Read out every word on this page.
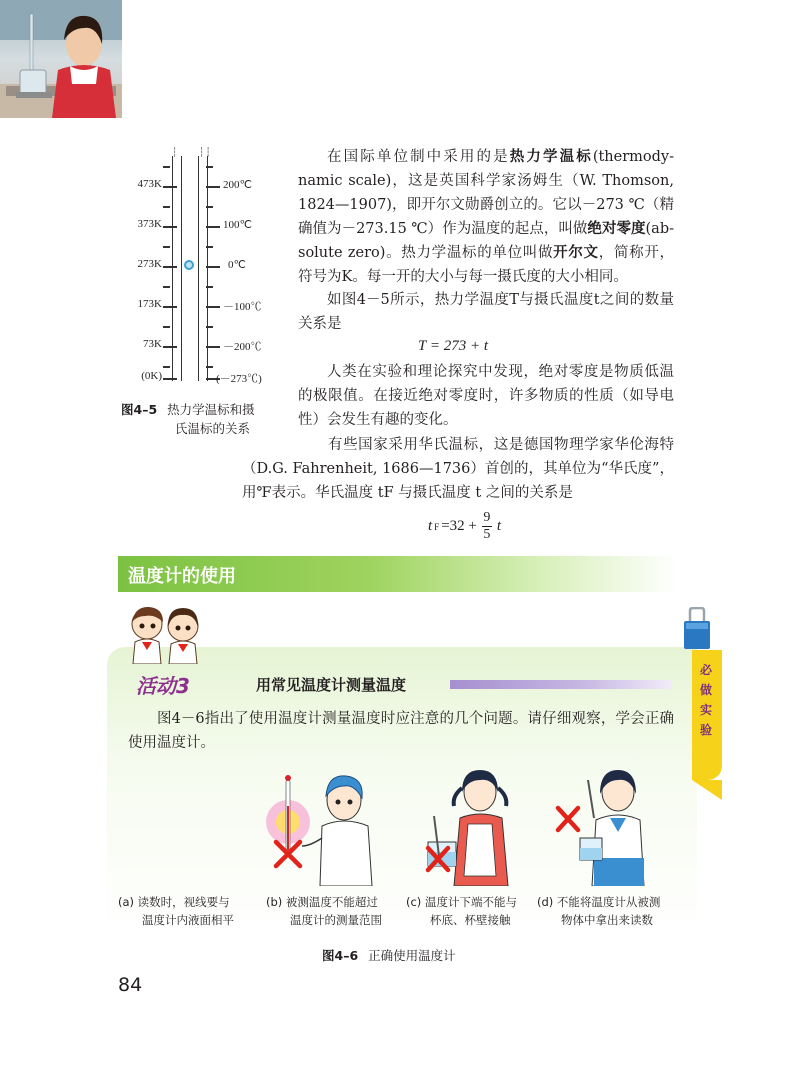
┆ ┆┆
473K
373K
273K
173K
73K
(0K)
200℃
100℃
0℃
－100℃
－200℃
(－273℃)
图4–5 热力学温标和摄
氏温标的关系
在国际单位制中采用的是热力学温标(thermody-namic scale)，这是英国科学家汤姆生（W. Thomson, 1824—1907)，即开尔文勋爵创立的。它以－273 ℃（精确值为－273.15 ℃）作为温度的起点，叫做绝对零度(ab-solute zero)。热力学温标的单位叫做开尔文，简称开，符号为K。每一开的大小与每一摄氏度的大小相同。
如图4－5所示，热力学温度T与摄氏温度t之间的数量关系是
T = 273 + t
人类在实验和理论探究中发现，绝对零度是物质低温的极限值。在接近绝对零度时，许多物质的性质（如导电性）会发生有趣的变化。
有些国家采用华氏温标，这是德国物理学家华伦海特（D.G. Fahrenheit, 1686—1736）首创的，其单位为“华氏度”，用℉表示。华氏温度 tF 与摄氏温度 t 之间的关系是
t $F =32 + \frac{9}{5}$ t
温度计的使用
活动3	用常见温度计测量温度
必做实验
图4－6指出了使用温度计测量温度时应注意的几个问题。请仔细观察，学会正确使用温度计。
(a) 读数时，视线要与
温度计内液面相平
(b) 被测温度不能超过
温度计的测量范围
(c) 温度计下端不能与
杯底、杯壁接触
(d) 不能将温度计从被测
物体中拿出来读数
图4–6 正确使用温度计
84
